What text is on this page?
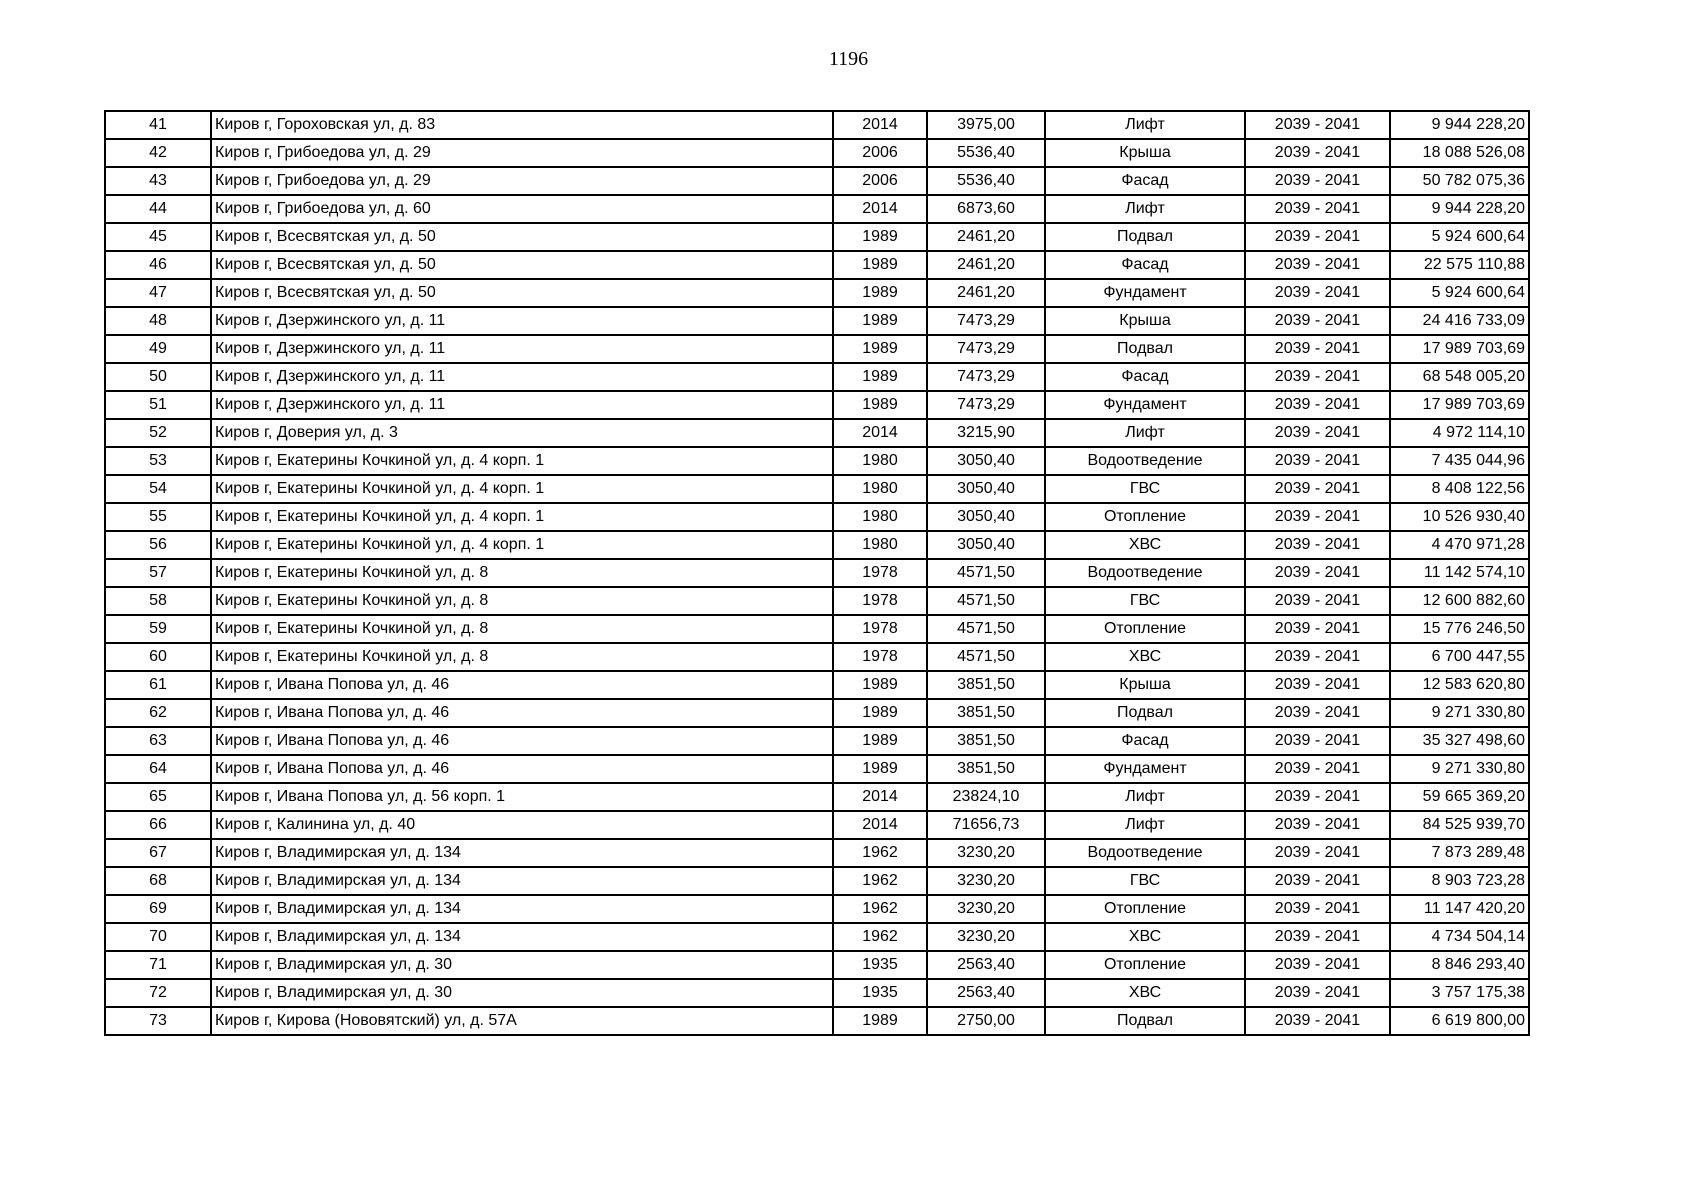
1196
41	Киров г, Гороховская ул, д. 83	2014	3975,00	Лифт	2039 - 2041	9 944 228,20
42	Киров г, Грибоедова ул, д. 29	2006	5536,40	Крыша	2039 - 2041	18 088 526,08
43	Киров г, Грибоедова ул, д. 29	2006	5536,40	Фасад	2039 - 2041	50 782 075,36
44	Киров г, Грибоедова ул, д. 60	2014	6873,60	Лифт	2039 - 2041	9 944 228,20
45	Киров г, Всесвятская ул, д. 50	1989	2461,20	Подвал	2039 - 2041	5 924 600,64
46	Киров г, Всесвятская ул, д. 50	1989	2461,20	Фасад	2039 - 2041	22 575 110,88
47	Киров г, Всесвятская ул, д. 50	1989	2461,20	Фундамент	2039 - 2041	5 924 600,64
48	Киров г, Дзержинского ул, д. 11	1989	7473,29	Крыша	2039 - 2041	24 416 733,09
49	Киров г, Дзержинского ул, д. 11	1989	7473,29	Подвал	2039 - 2041	17 989 703,69
50	Киров г, Дзержинского ул, д. 11	1989	7473,29	Фасад	2039 - 2041	68 548 005,20
51	Киров г, Дзержинского ул, д. 11	1989	7473,29	Фундамент	2039 - 2041	17 989 703,69
52	Киров г, Доверия ул, д. 3	2014	3215,90	Лифт	2039 - 2041	4 972 114,10
53	Киров г, Екатерины Кочкиной ул, д. 4 корп. 1	1980	3050,40	Водоотведение	2039 - 2041	7 435 044,96
54	Киров г, Екатерины Кочкиной ул, д. 4 корп. 1	1980	3050,40	ГВС	2039 - 2041	8 408 122,56
55	Киров г, Екатерины Кочкиной ул, д. 4 корп. 1	1980	3050,40	Отопление	2039 - 2041	10 526 930,40
56	Киров г, Екатерины Кочкиной ул, д. 4 корп. 1	1980	3050,40	ХВС	2039 - 2041	4 470 971,28
57	Киров г, Екатерины Кочкиной ул, д. 8	1978	4571,50	Водоотведение	2039 - 2041	11 142 574,10
58	Киров г, Екатерины Кочкиной ул, д. 8	1978	4571,50	ГВС	2039 - 2041	12 600 882,60
59	Киров г, Екатерины Кочкиной ул, д. 8	1978	4571,50	Отопление	2039 - 2041	15 776 246,50
60	Киров г, Екатерины Кочкиной ул, д. 8	1978	4571,50	ХВС	2039 - 2041	6 700 447,55
61	Киров г, Ивана Попова ул, д. 46	1989	3851,50	Крыша	2039 - 2041	12 583 620,80
62	Киров г, Ивана Попова ул, д. 46	1989	3851,50	Подвал	2039 - 2041	9 271 330,80
63	Киров г, Ивана Попова ул, д. 46	1989	3851,50	Фасад	2039 - 2041	35 327 498,60
64	Киров г, Ивана Попова ул, д. 46	1989	3851,50	Фундамент	2039 - 2041	9 271 330,80
65	Киров г, Ивана Попова ул, д. 56 корп. 1	2014	23824,10	Лифт	2039 - 2041	59 665 369,20
66	Киров г, Калинина ул, д. 40	2014	71656,73	Лифт	2039 - 2041	84 525 939,70
67	Киров г, Владимирская ул, д. 134	1962	3230,20	Водоотведение	2039 - 2041	7 873 289,48
68	Киров г, Владимирская ул, д. 134	1962	3230,20	ГВС	2039 - 2041	8 903 723,28
69	Киров г, Владимирская ул, д. 134	1962	3230,20	Отопление	2039 - 2041	11 147 420,20
70	Киров г, Владимирская ул, д. 134	1962	3230,20	ХВС	2039 - 2041	4 734 504,14
71	Киров г, Владимирская ул, д. 30	1935	2563,40	Отопление	2039 - 2041	8 846 293,40
72	Киров г, Владимирская ул, д. 30	1935	2563,40	ХВС	2039 - 2041	3 757 175,38
73	Киров г, Кирова (Нововятский) ул, д. 57А	1989	2750,00	Подвал	2039 - 2041	6 619 800,00
